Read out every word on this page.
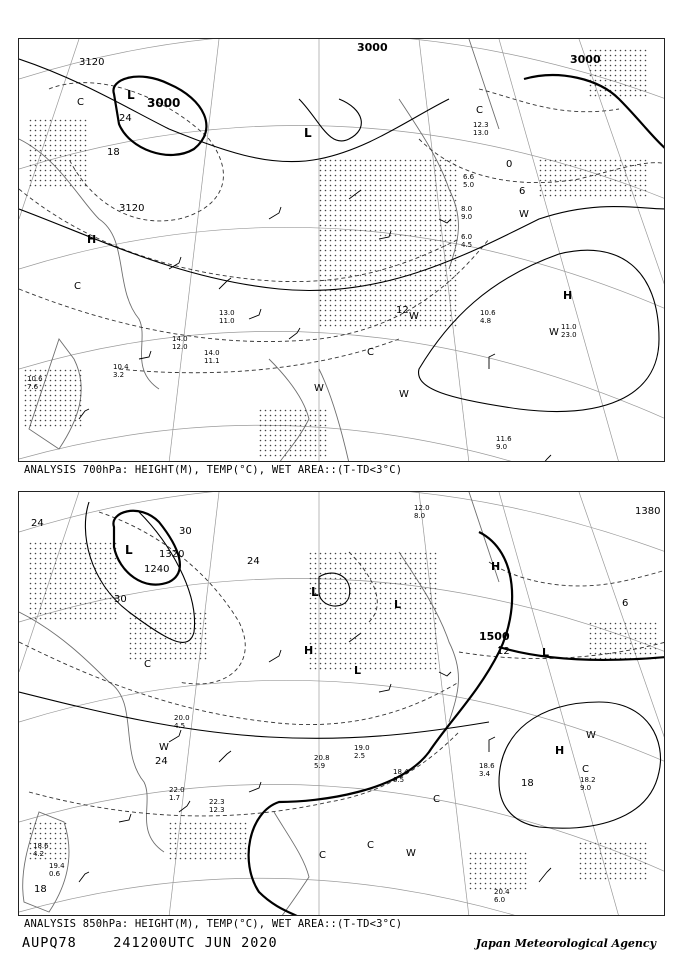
3120
3000
3000
3000
3120
24
18
12
6
0
L
L
H
H
C
C
C
C
W
W
W
W
W	10.6
4.8
11.0
23.0
11.6
9.0
13.0
11.0
14.0
12.0
14.0
11.1
10.4
3.2
10.6
7.6
12.3
13.0
6.0
4.5
8.0
9.0
6.6
5.0
ANALYSIS 700hPa: HEIGHT(M), TEMP(°C), WET AREA::(T-TD<3°C)
1320
1240
1380
1500
30
30
24
24
24
18
18
12
6
L
L
L
L
L
H
H
H
C
C
C
C
C
W
W
W
18.6
3.4
18.2
9.0
20.4
6.0
18.4
0.5
19.0
2.5
22.3
12.3
22.0
1.7
20.8
5.9
18.6
4.2
19.4
0.6
20.0
4.5
12.0
8.0
ANALYSIS 850hPa: HEIGHT(M), TEMP(°C), WET AREA::(T-TD<3°C)
AUPQ78	241200UTC JUN 2020	Japan Meteorological Agency
